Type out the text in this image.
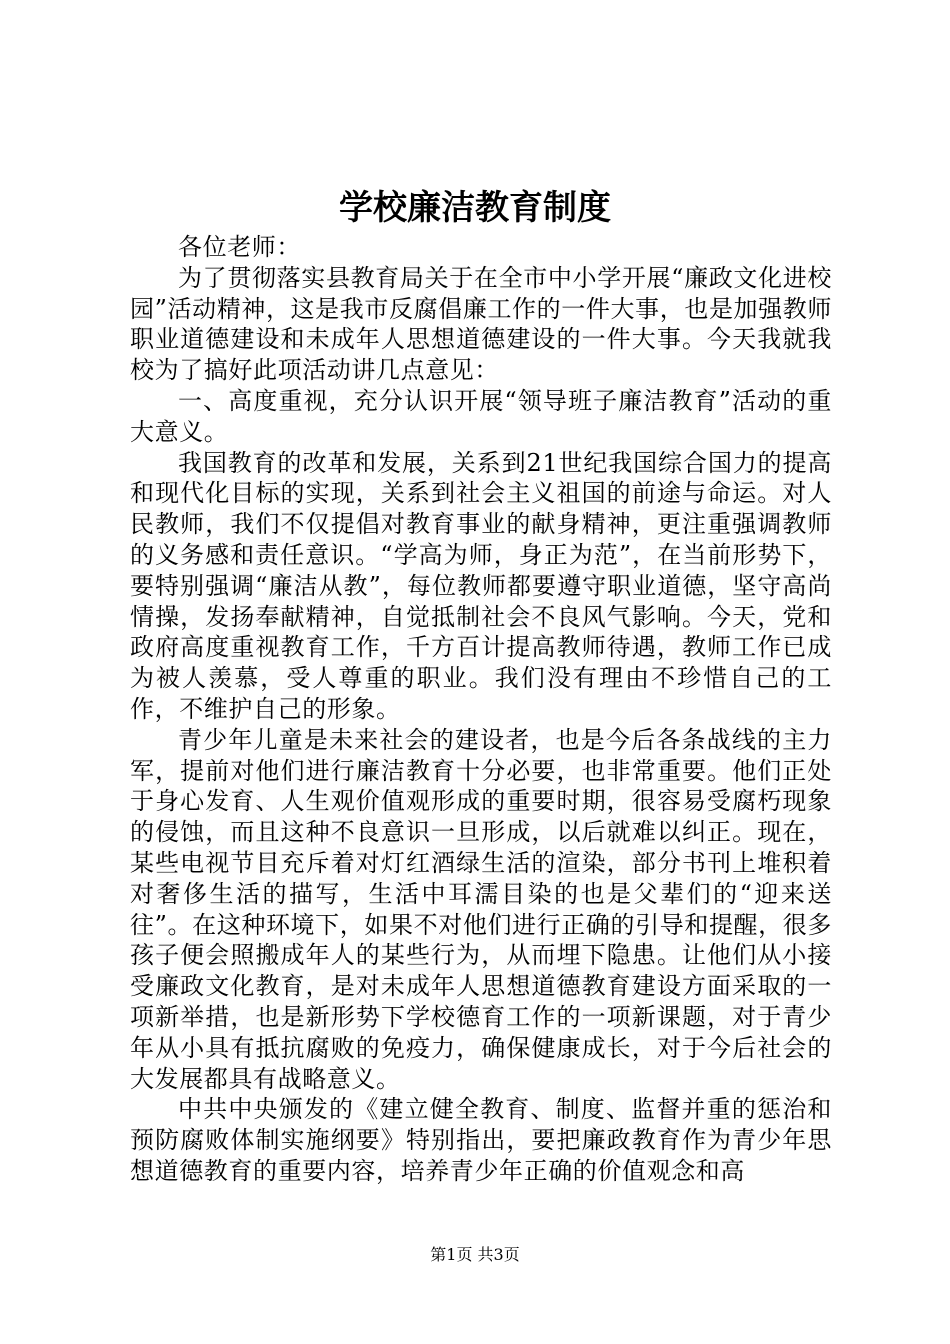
学校廉洁教育制度

各位老师：

为了贯彻落实县教育局关于在全市中小学开展“廉政文化进校园”活动精神，这是我市反腐倡廉工作的一件大事，也是加强教师职业道德建设和未成年人思想道德建设的一件大事。今天我就我校为了搞好此项活动讲几点意见：

一、高度重视，充分认识开展“领导班子廉洁教育”活动的重大意义。

我国教育的改革和发展，关系到21世纪我国综合国力的提高和现代化目标的实现，关系到社会主义祖国的前途与命运。对人民教师，我们不仅提倡对教育事业的献身精神，更注重强调教师的义务感和责任意识。“学高为师，身正为范”，在当前形势下，要特别强调“廉洁从教”，每位教师都要遵守职业道德，坚守高尚情操，发扬奉献精神，自觉抵制社会不良风气影响。今天，党和政府高度重视教育工作，千方百计提高教师待遇，教师工作已成为被人羡慕，受人尊重的职业。我们没有理由不珍惜自己的工作，不维护自己的形象。

青少年儿童是未来社会的建设者，也是今后各条战线的主力军，提前对他们进行廉洁教育十分必要，也非常重要。他们正处于身心发育、人生观价值观形成的重要时期，很容易受腐朽现象的侵蚀，而且这种不良意识一旦形成，以后就难以纠正。现在，某些电视节目充斥着对灯红酒绿生活的渲染，部分书刊上堆积着对奢侈生活的描写，生活中耳濡目染的也是父辈们的“迎来送往”。在这种环境下，如果不对他们进行正确的引导和提醒，很多孩子便会照搬成年人的某些行为，从而埋下隐患。让他们从小接受廉政文化教育，是对未成年人思想道德教育建设方面采取的一项新举措，也是新形势下学校德育工作的一项新课题，对于青少年从小具有抵抗腐败的免疫力，确保健康成长，对于今后社会的大发展都具有战略意义。

中共中央颁发的《建立健全教育、制度、监督并重的惩治和预防腐败体制实施纲要》特别指出，要把廉政教育作为青少年思想道德教育的重要内容，培养青少年正确的价值观念和高

第1页 共3页
